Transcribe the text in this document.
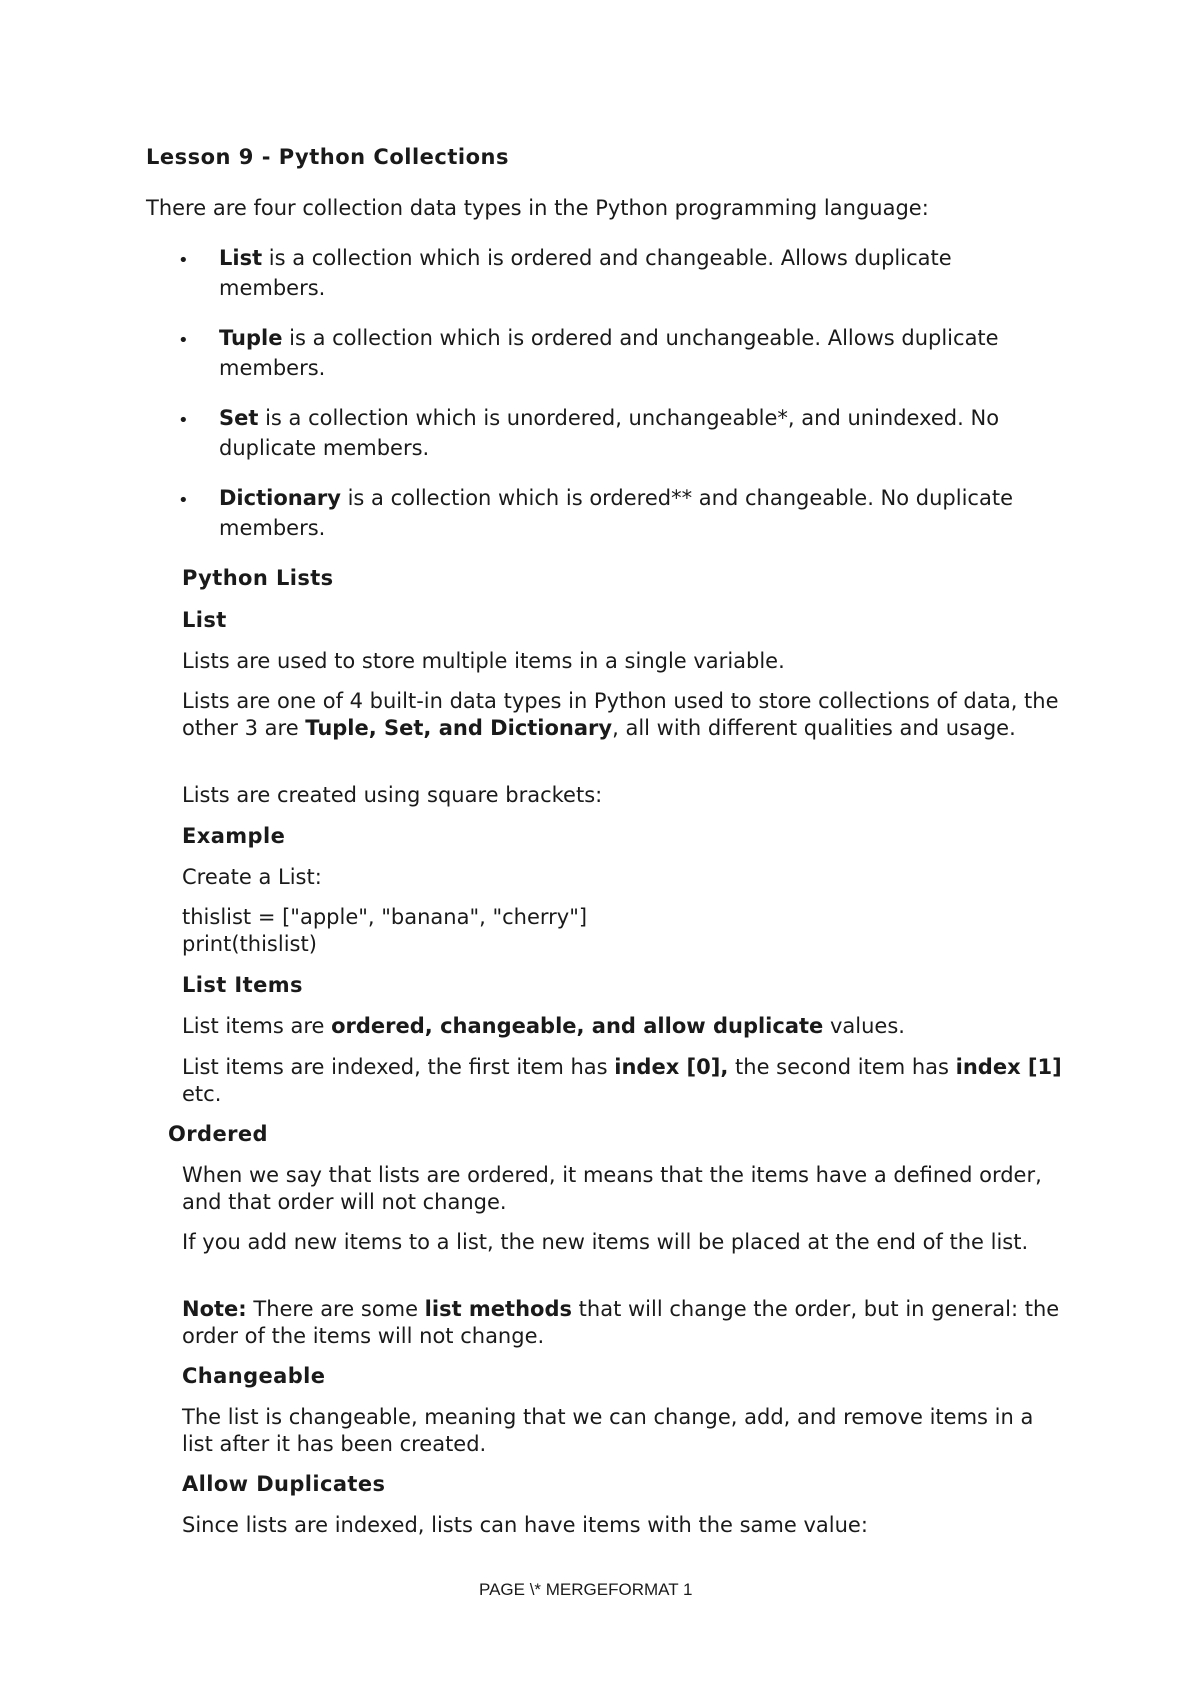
Lesson 9 - Python Collections
There are four collection data types in the Python programming language:
• List is a collection which is ordered and changeable. Allows duplicate members.
• Tuple is a collection which is ordered and unchangeable. Allows duplicate members.
• Set is a collection which is unordered, unchangeable*, and unindexed. No duplicate members.
• Dictionary is a collection which is ordered** and changeable. No duplicate members.
Python Lists
List
Lists are used to store multiple items in a single variable.
Lists are one of 4 built-in data types in Python used to store collections of data, the other 3 are Tuple, Set, and Dictionary, all with different qualities and usage.
Lists are created using square brackets:
Example
Create a List:
thislist = ["apple", "banana", "cherry"]
print(thislist)
List Items
List items are ordered, changeable, and allow duplicate values.
List items are indexed, the first item has index [0], the second item has index [1] etc.
Ordered
When we say that lists are ordered, it means that the items have a defined order, and that order will not change.
If you add new items to a list, the new items will be placed at the end of the list.
Note: There are some list methods that will change the order, but in general: the order of the items will not change.
Changeable
The list is changeable, meaning that we can change, add, and remove items in a list after it has been created.
Allow Duplicates
Since lists are indexed, lists can have items with the same value:
PAGE \* MERGEFORMAT 1
